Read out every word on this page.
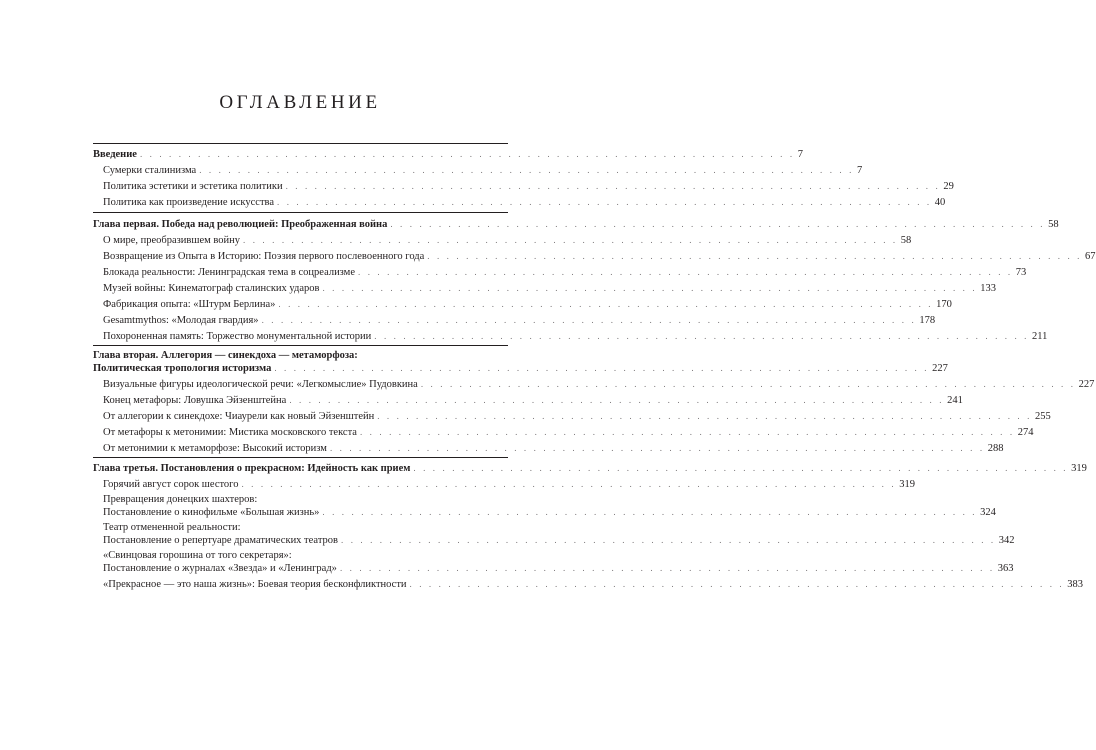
ОГЛАВЛЕНИЕ
Введение . . .	7
Сумерки сталинизма . . .	7
Политика эстетики и эстетика политики . . .	29
Политика как произведение искусства . . .	40
Глава первая. Победа над революцией: Преображенная война . . .	58
О мире, преобразившем войну . . .	58
Возвращение из Опыта в Историю: Поэзия первого послевоенного года . . .	67
Блокада реальности: Ленинградская тема в соцреализме . . .	73
Музей войны: Кинематограф сталинских ударов . . .	133
Фабрикация опыта: «Штурм Берлина» . . .	170
Gesamtmythos: «Молодая гвардия» . . .	178
Похороненная память: Торжество монументальной истории . . .	211
Глава вторая. Аллегория — синекдоха — метаморфоза:
Политическая тропология историзма . . .	227
Визуальные фигуры идеологической речи: «Легкомыслие» Пудовкина . . .	227
Конец метафоры: Ловушка Эйзенштейна . . .	241
От аллегории к синекдохе: Чиаурели как новый Эйзенштейн . . .	255
От метафоры к метонимии: Мистика московского текста . . .	274
От метонимии к метаморфозе: Высокий историзм . . .	288
Глава третья. Постановления о прекрасном: Идейность как прием . . .	319
Горячий август сорок шестого . . .	319
Превращения донецких шахтеров:
Постановление о кинофильме «Большая жизнь» . . .	324
Театр отмененной реальности:
Постановление о репертуаре драматических театров . . .	342
«Свинцовая горошина от того секретаря»:
Постановление о журналах «Звезда» и «Ленинград» . . .	363
«Прекрасное — это наша жизнь»: Боевая теория бесконфликтности . . .	383
